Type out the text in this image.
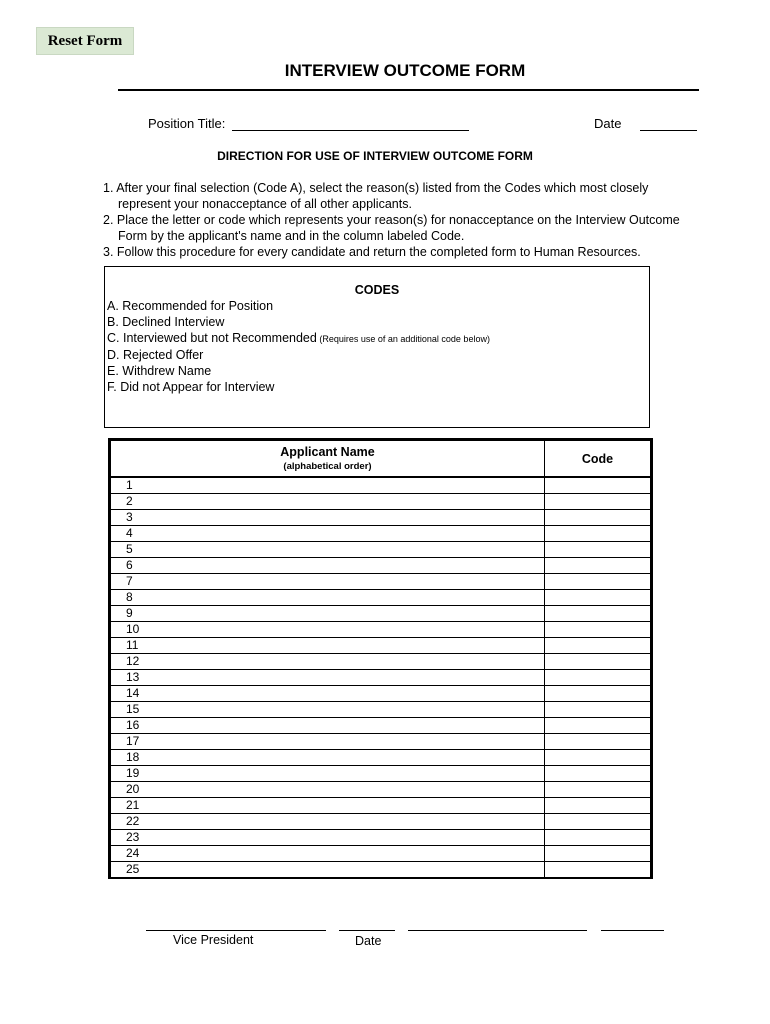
Reset Form
INTERVIEW OUTCOME FORM
Position Title:	Date
DIRECTION FOR USE OF INTERVIEW OUTCOME FORM
1. After your final selection (Code A), select the reason(s) listed from the Codes which most closely represent your nonacceptance of all other applicants.
2. Place the letter or code which represents your reason(s) for nonacceptance on the Interview Outcome Form by the applicant's name and in the column labeled Code.
3. Follow this procedure for every candidate and return the completed form to Human Resources.
CODES
A. Recommended for Position
B. Declined Interview
C. Interviewed but not Recommended (Requires use of an additional code below)
D. Rejected Offer
E. Withdrew Name
F. Did not Appear for Interview
Applicant Name
(alphabetical order)	Code

1	
2	
3	
4	
5	
6	
7	
8	
9	
10	
11	
12	
13	
14	
15	
16	
17	
18	
19	
20	
21	
22	
23	
24	
25	
Vice President	Date
